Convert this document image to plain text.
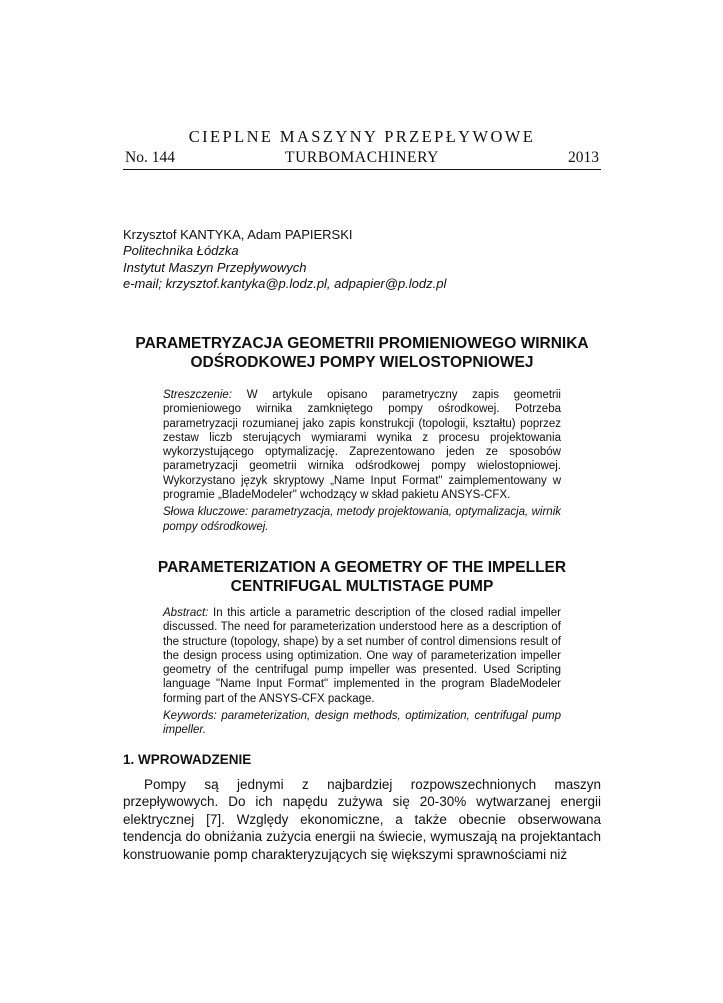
CIEPLNE MASZYNY PRZEPŁYWOWE
No. 144	TURBOMACHINERY	2013
Krzysztof KANTYKA, Adam PAPIERSKI
Politechnika Łódzka
Instytut Maszyn Przepływowych
e-mail; krzysztof.kantyka@p.lodz.pl, adpapier@p.lodz.pl
PARAMETRYZACJA GEOMETRII PROMIENIOWEGO WIRNIKA
ODŚRODKOWEJ POMPY WIELOSTOPNIOWEJ

Streszczenie: W artykule opisano parametryczny zapis geometrii promieniowego wirnika zamkniętego pompy ośrodkowej. Potrzeba parametryzacji rozumianej jako zapis konstrukcji (topologii, kształtu) poprzez zestaw liczb sterujących wymiarami wynika z procesu projektowania wykorzystującego optymalizację. Zaprezentowano jeden ze sposobów parametryzacji geometrii wirnika odśrodkowej pompy wielostopniowej. Wykorzystano język skryptowy „Name Input Format" zaimplementowany w programie „BladeModeler" wchodzący w skład pakietu ANSYS-CFX.

Słowa kluczowe: parametryzacja, metody projektowania, optymalizacja, wirnik pompy odśrodkowej.

PARAMETERIZATION A GEOMETRY OF THE IMPELLER
CENTRIFUGAL MULTISTAGE PUMP

Abstract: In this article a parametric description of the closed radial impeller discussed. The need for parameterization understood here as a description of the structure (topology, shape) by a set number of control dimensions result of the design process using optimization. One way of parameterization impeller geometry of the centrifugal pump impeller was presented. Used Scripting language "Name Input Format" implemented in the program BladeModeler forming part of the ANSYS-CFX package.

Keywords: parameterization, design methods, optimization, centrifugal pump impeller.

1. WPROWADZENIE

Pompy są jednymi z najbardziej rozpowszechnionych maszyn przepływowych. Do ich napędu zużywa się 20-30% wytwarzanej energii elektrycznej [7]. Względy ekonomiczne, a także obecnie obserwowana tendencja do obniżania zużycia energii na świecie, wymuszają na projektantach konstruowanie pomp charakteryzujących się większymi sprawnościami niż
